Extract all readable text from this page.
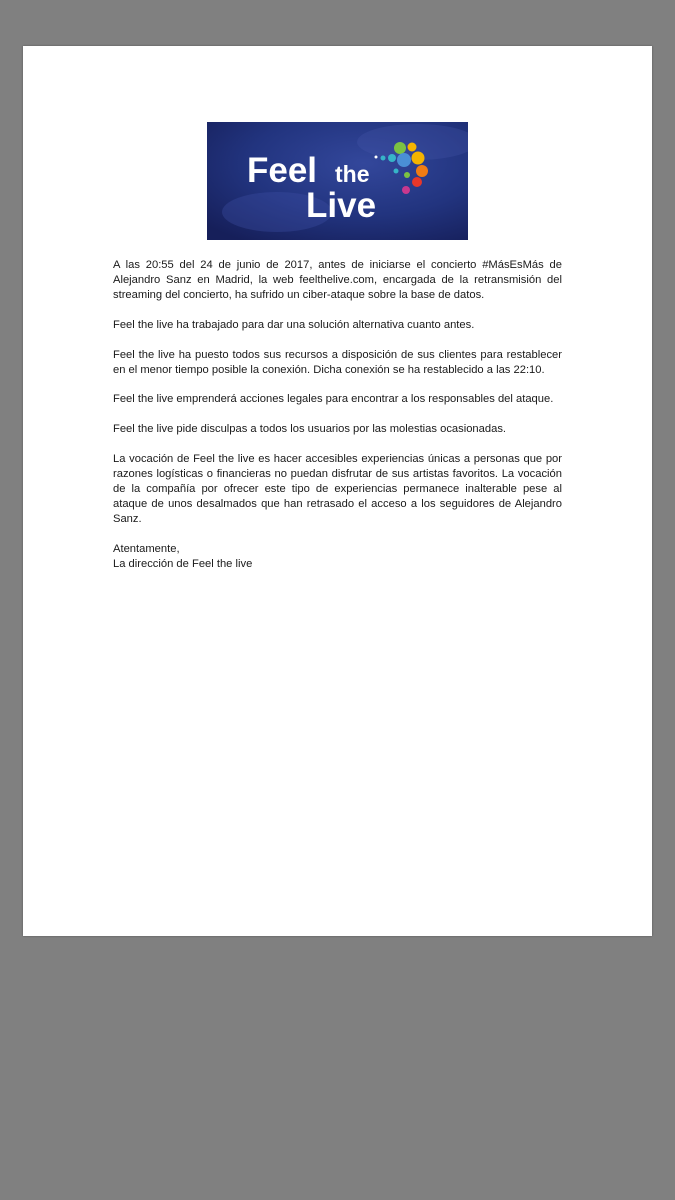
Feel the
Live

A las 20:55 del 24 de junio de 2017, antes de iniciarse el concierto #MásEsMás de Alejandro Sanz en Madrid, la web feelthelive.com, encargada de la retransmisión del streaming del concierto, ha sufrido un ciber-ataque sobre la base de datos.

Feel the live ha trabajado para dar una solución alternativa cuanto antes.

Feel the live ha puesto todos sus recursos a disposición de sus clientes para restablecer en el menor tiempo posible la conexión. Dicha conexión se ha restablecido a las 22:10.

Feel the live emprenderá acciones legales para encontrar a los responsables del ataque.

Feel the live pide disculpas a todos los usuarios por las molestias ocasionadas.

La vocación de Feel the live es hacer accesibles experiencias únicas a personas que por razones logísticas o financieras no puedan disfrutar de sus artistas favoritos. La vocación de la compañía por ofrecer este tipo de experiencias permanece inalterable pese al ataque de unos desalmados que han retrasado el acceso a los seguidores de Alejandro Sanz.

Atentamente,

La dirección de Feel the live
